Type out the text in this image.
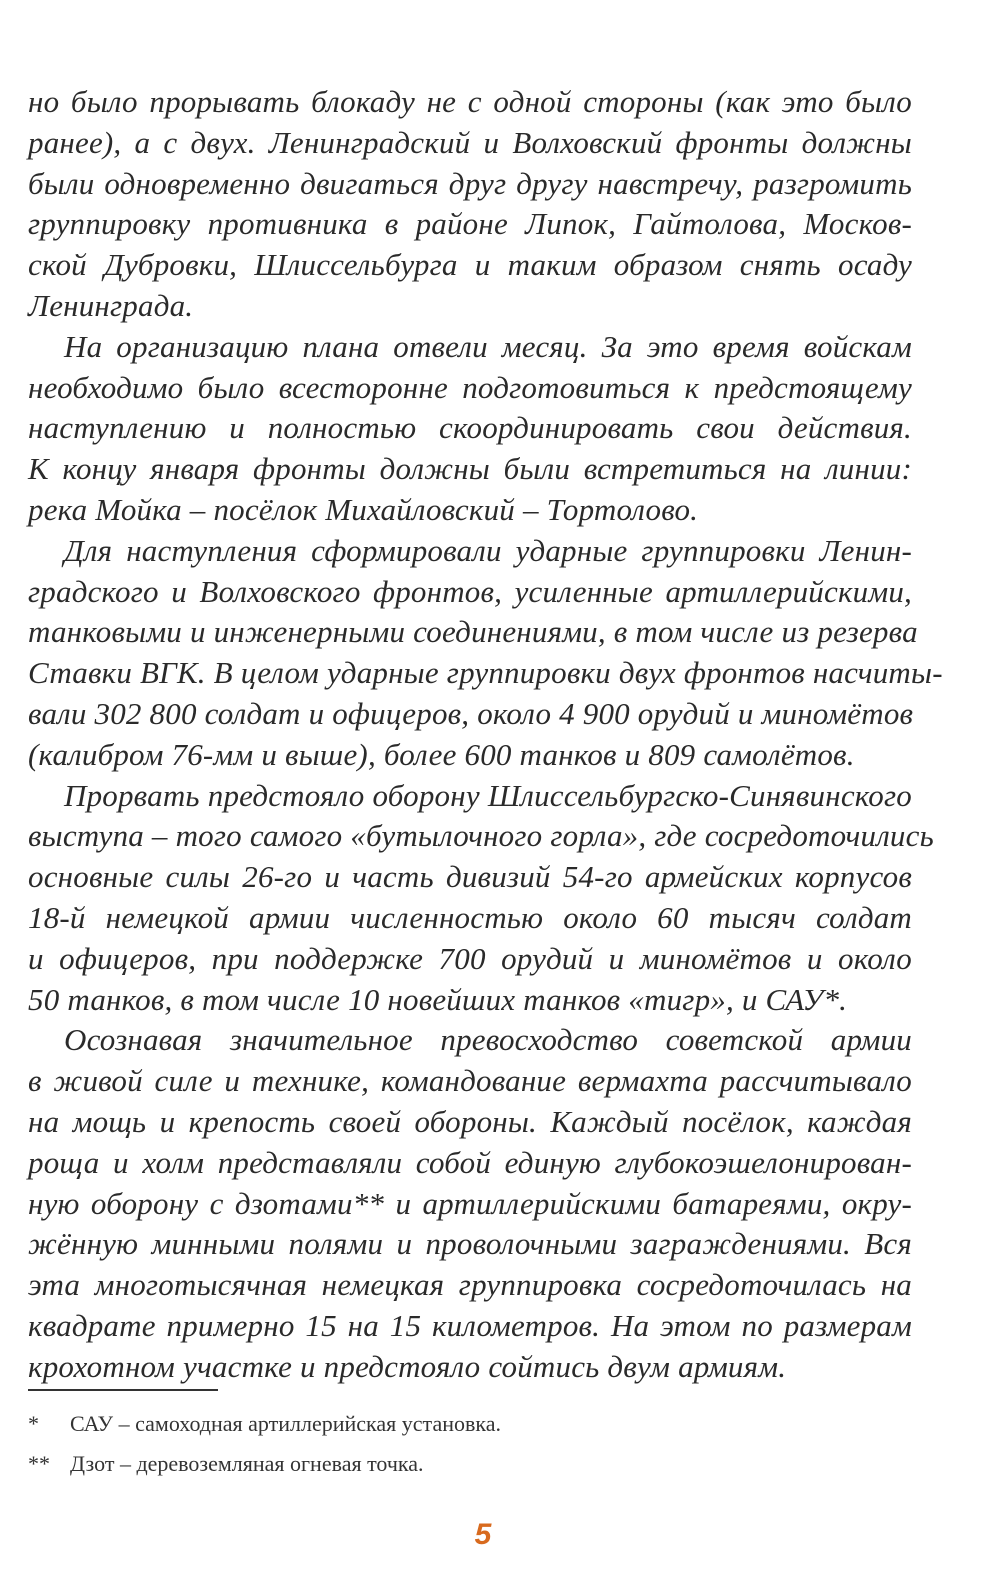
но было прорывать блокаду не с одной стороны (как это было
ранее), а с двух. Ленинградский и Волховский фронты должны
были одновременно двигаться друг другу навстречу, разгромить
группировку противника в районе Липок, Гайтолова, Москов-
ской Дубровки, Шлиссельбурга и таким образом снять осаду
Ленинграда.
На организацию плана отвели месяц. За это время войскам
необходимо было всесторонне подготовиться к предстоящему
наступлению и полностью скоординировать свои действия.
К концу января фронты должны были встретиться на линии:
река Мойка – посёлок Михайловский – Тортолово.
Для наступления сформировали ударные группировки Ленин-
градского и Волховского фронтов, усиленные артиллерийскими,
танковыми и инженерными соединениями, в том числе из резерва
Ставки ВГК. В целом ударные группировки двух фронтов насчиты-
вали 302 800 солдат и офицеров, около 4 900 орудий и миномётов
(калибром 76-мм и выше), более 600 танков и 809 самолётов.
Прорвать предстояло оборону Шлиссельбургско-Синявинского
выступа – того самого «бутылочного горла», где сосредоточились
основные силы 26-го и часть дивизий 54-го армейских корпусов
18-й немецкой армии численностью около 60 тысяч солдат
и офицеров, при поддержке 700 орудий и миномётов и около
50 танков, в том числе 10 новейших танков «тигр», и САУ*.
Осознавая значительное превосходство советской армии
в живой силе и технике, командование вермахта рассчитывало
на мощь и крепость своей обороны. Каждый посёлок, каждая
роща и холм представляли собой единую глубокоэшелонирован-
ную оборону с дзотами** и артиллерийскими батареями, окру-
жённую минными полями и проволочными заграждениями. Вся
эта многотысячная немецкая группировка сосредоточилась на
квадрате примерно 15 на 15 километров. На этом по размерам
крохотном участке и предстояло сойтись двум армиям.
* САУ – самоходная артиллерийская установка.
** Дзот – деревоземляная огневая точка.
5
